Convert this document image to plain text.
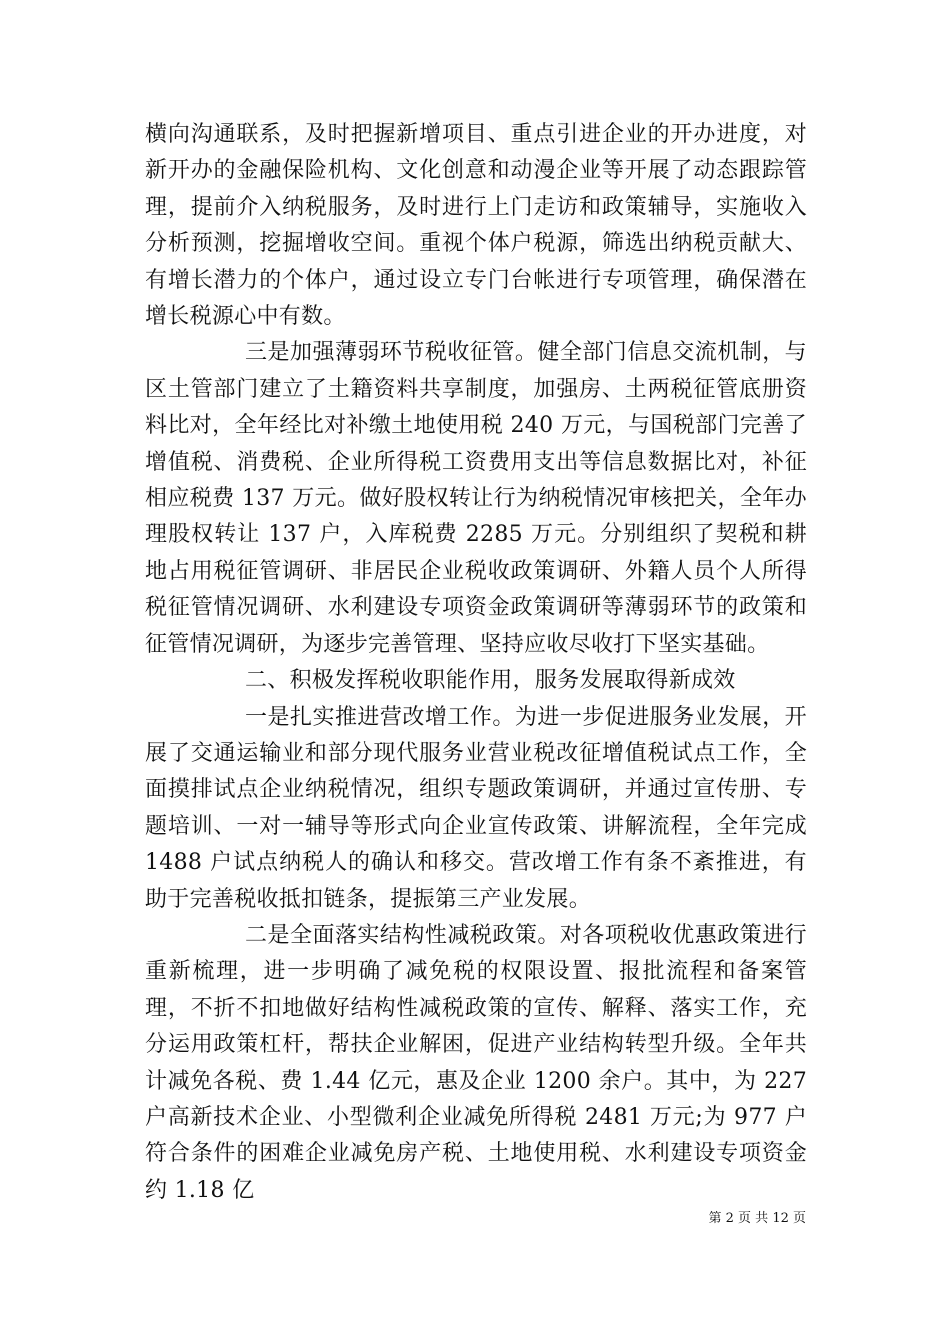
横向沟通联系，及时把握新增项目、重点引进企业的开办进度，对新开办的金融保险机构、文化创意和动漫企业等开展了动态跟踪管理，提前介入纳税服务，及时进行上门走访和政策辅导，实施收入分析预测，挖掘增收空间。重视个体户税源，筛选出纳税贡献大、有增长潜力的个体户，通过设立专门台帐进行专项管理，确保潜在增长税源心中有数。

三是加强薄弱环节税收征管。健全部门信息交流机制，与区土管部门建立了土籍资料共享制度，加强房、土两税征管底册资料比对，全年经比对补缴土地使用税 240 万元，与国税部门完善了增值税、消费税、企业所得税工资费用支出等信息数据比对，补征相应税费 137 万元。做好股权转让行为纳税情况审核把关，全年办理股权转让 137 户，入库税费 2285 万元。分别组织了契税和耕地占用税征管调研、非居民企业税收政策调研、外籍人员个人所得税征管情况调研、水利建设专项资金政策调研等薄弱环节的政策和征管情况调研，为逐步完善管理、坚持应收尽收打下坚实基础。

二、积极发挥税收职能作用，服务发展取得新成效

一是扎实推进营改增工作。为进一步促进服务业发展，开展了交通运输业和部分现代服务业营业税改征增值税试点工作，全面摸排试点企业纳税情况，组织专题政策调研，并通过宣传册、专题培训、一对一辅导等形式向企业宣传政策、讲解流程，全年完成 1488 户试点纳税人的确认和移交。营改增工作有条不紊推进，有助于完善税收抵扣链条，提振第三产业发展。

二是全面落实结构性减税政策。对各项税收优惠政策进行重新梳理，进一步明确了减免税的权限设置、报批流程和备案管理，不折不扣地做好结构性减税政策的宣传、解释、落实工作，充分运用政策杠杆，帮扶企业解困，促进产业结构转型升级。全年共计减免各税、费 1.44 亿元，惠及企业 1200 余户。其中，为 227 户高新技术企业、小型微利企业减免所得税 2481 万元;为 977 户符合条件的困难企业减免房产税、土地使用税、水利建设专项资金约 1.18 亿

第 2 页 共 12 页
